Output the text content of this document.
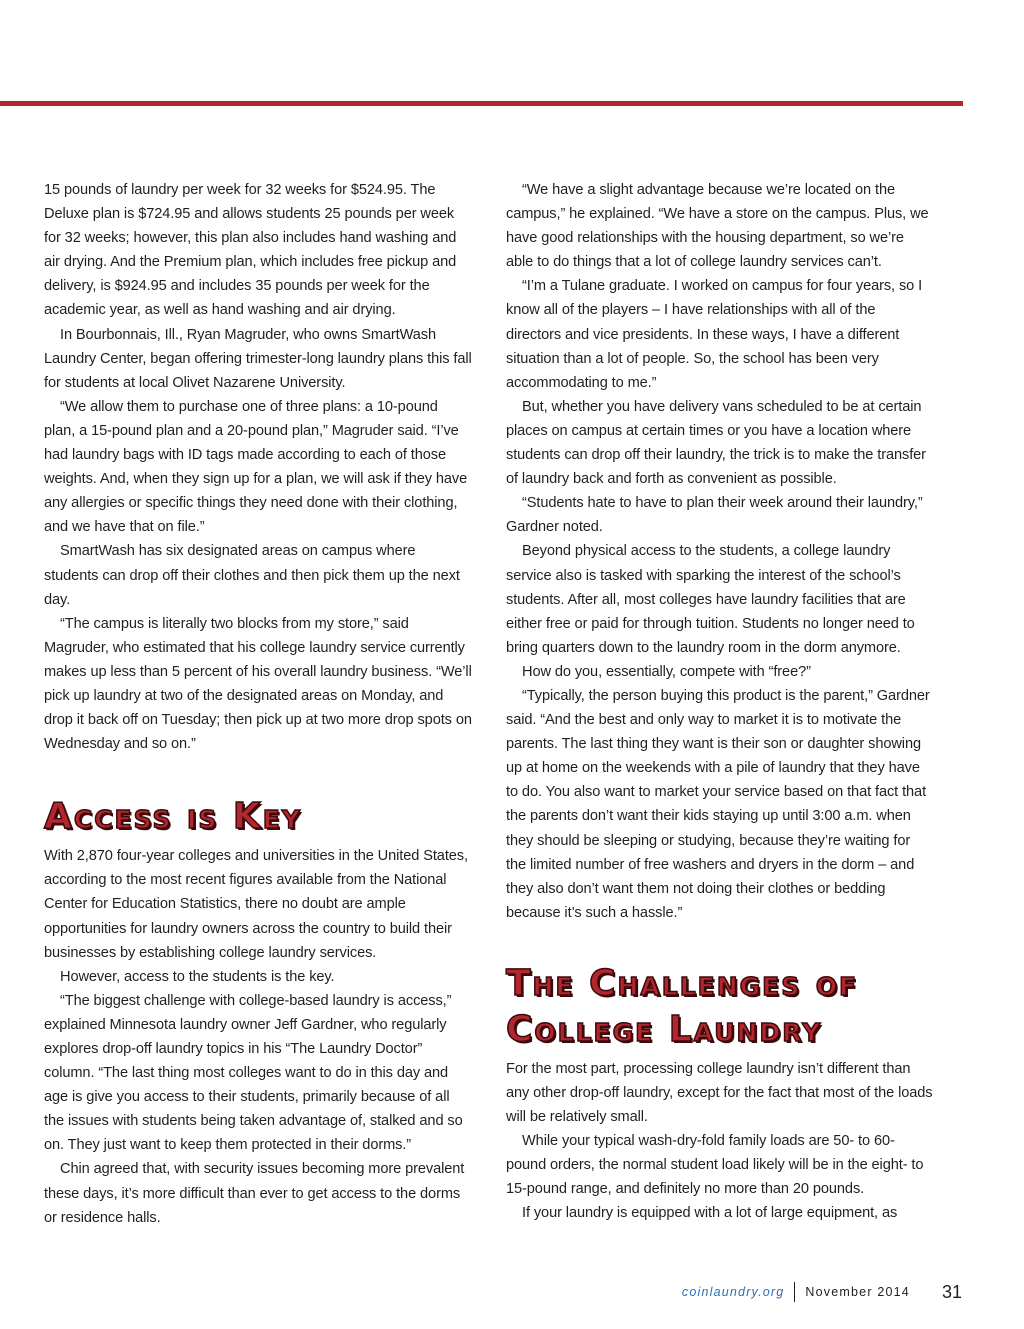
15 pounds of laundry per week for 32 weeks for $524.95. The Deluxe plan is $724.95 and allows students 25 pounds per week for 32 weeks; however, this plan also includes hand washing and air drying. And the Premium plan, which includes free pickup and delivery, is $924.95 and includes 35 pounds per week for the academic year, as well as hand washing and air drying.

In Bourbonnais, Ill., Ryan Magruder, who owns SmartWash Laundry Center, began offering trimester-long laundry plans this fall for students at local Olivet Nazarene University.

“We allow them to purchase one of three plans: a 10-pound plan, a 15-pound plan and a 20-pound plan,” Magruder said. “I’ve had laundry bags with ID tags made according to each of those weights. And, when they sign up for a plan, we will ask if they have any allergies or specific things they need done with their clothing, and we have that on file.”

SmartWash has six designated areas on campus where students can drop off their clothes and then pick them up the next day.

“The campus is literally two blocks from my store,” said Magruder, who estimated that his college laundry service currently makes up less than 5 percent of his overall laundry business. “We’ll pick up laundry at two of the designated areas on Monday, and drop it back off on Tuesday; then pick up at two more drop spots on Wednesday and so on.”

Access is Key

With 2,870 four-year colleges and universities in the United States, according to the most recent figures available from the National Center for Education Statistics, there no doubt are ample opportunities for laundry owners across the country to build their businesses by establishing college laundry services.

However, access to the students is the key.

“The biggest challenge with college-based laundry is access,” explained Minnesota laundry owner Jeff Gardner, who regularly explores drop-off laundry topics in his “The Laundry Doctor” column. “The last thing most colleges want to do in this day and age is give you access to their students, primarily because of all the issues with students being taken advantage of, stalked and so on. They just want to keep them protected in their dorms.”

Chin agreed that, with security issues becoming more prevalent these days, it’s more difficult than ever to get access to the dorms or residence halls.

“We have a slight advantage because we’re located on the campus,” he explained. “We have a store on the campus. Plus, we have good relationships with the housing department, so we’re able to do things that a lot of college laundry services can’t.

“I’m a Tulane graduate. I worked on campus for four years, so I know all of the players – I have relationships with all of the directors and vice presidents. In these ways, I have a different situation than a lot of people. So, the school has been very accommodating to me.”

But, whether you have delivery vans scheduled to be at certain places on campus at certain times or you have a location where students can drop off their laundry, the trick is to make the transfer of laundry back and forth as convenient as possible.

“Students hate to have to plan their week around their laundry,” Gardner noted.

Beyond physical access to the students, a college laundry service also is tasked with sparking the interest of the school’s students. After all, most colleges have laundry facilities that are either free or paid for through tuition. Students no longer need to bring quarters down to the laundry room in the dorm anymore.

How do you, essentially, compete with “free?”

“Typically, the person buying this product is the parent,” Gardner said. “And the best and only way to market it is to motivate the parents. The last thing they want is their son or daughter showing up at home on the weekends with a pile of laundry that they have to do. You also want to market your service based on that fact that the parents don’t want their kids staying up until 3:00 a.m. when they should be sleeping or studying, because they’re waiting for the limited number of free washers and dryers in the dorm – and they also don’t want them not doing their clothes or bedding because it’s such a hassle.”

The Challenges of College Laundry

For the most part, processing college laundry isn’t different than any other drop-off laundry, except for the fact that most of the loads will be relatively small.

While your typical wash-dry-fold family loads are 50- to 60-pound orders, the normal student load likely will be in the eight- to 15-pound range, and definitely no more than 20 pounds.

If your laundry is equipped with a lot of large equipment, as

coinlaundry.org November 2014 31
